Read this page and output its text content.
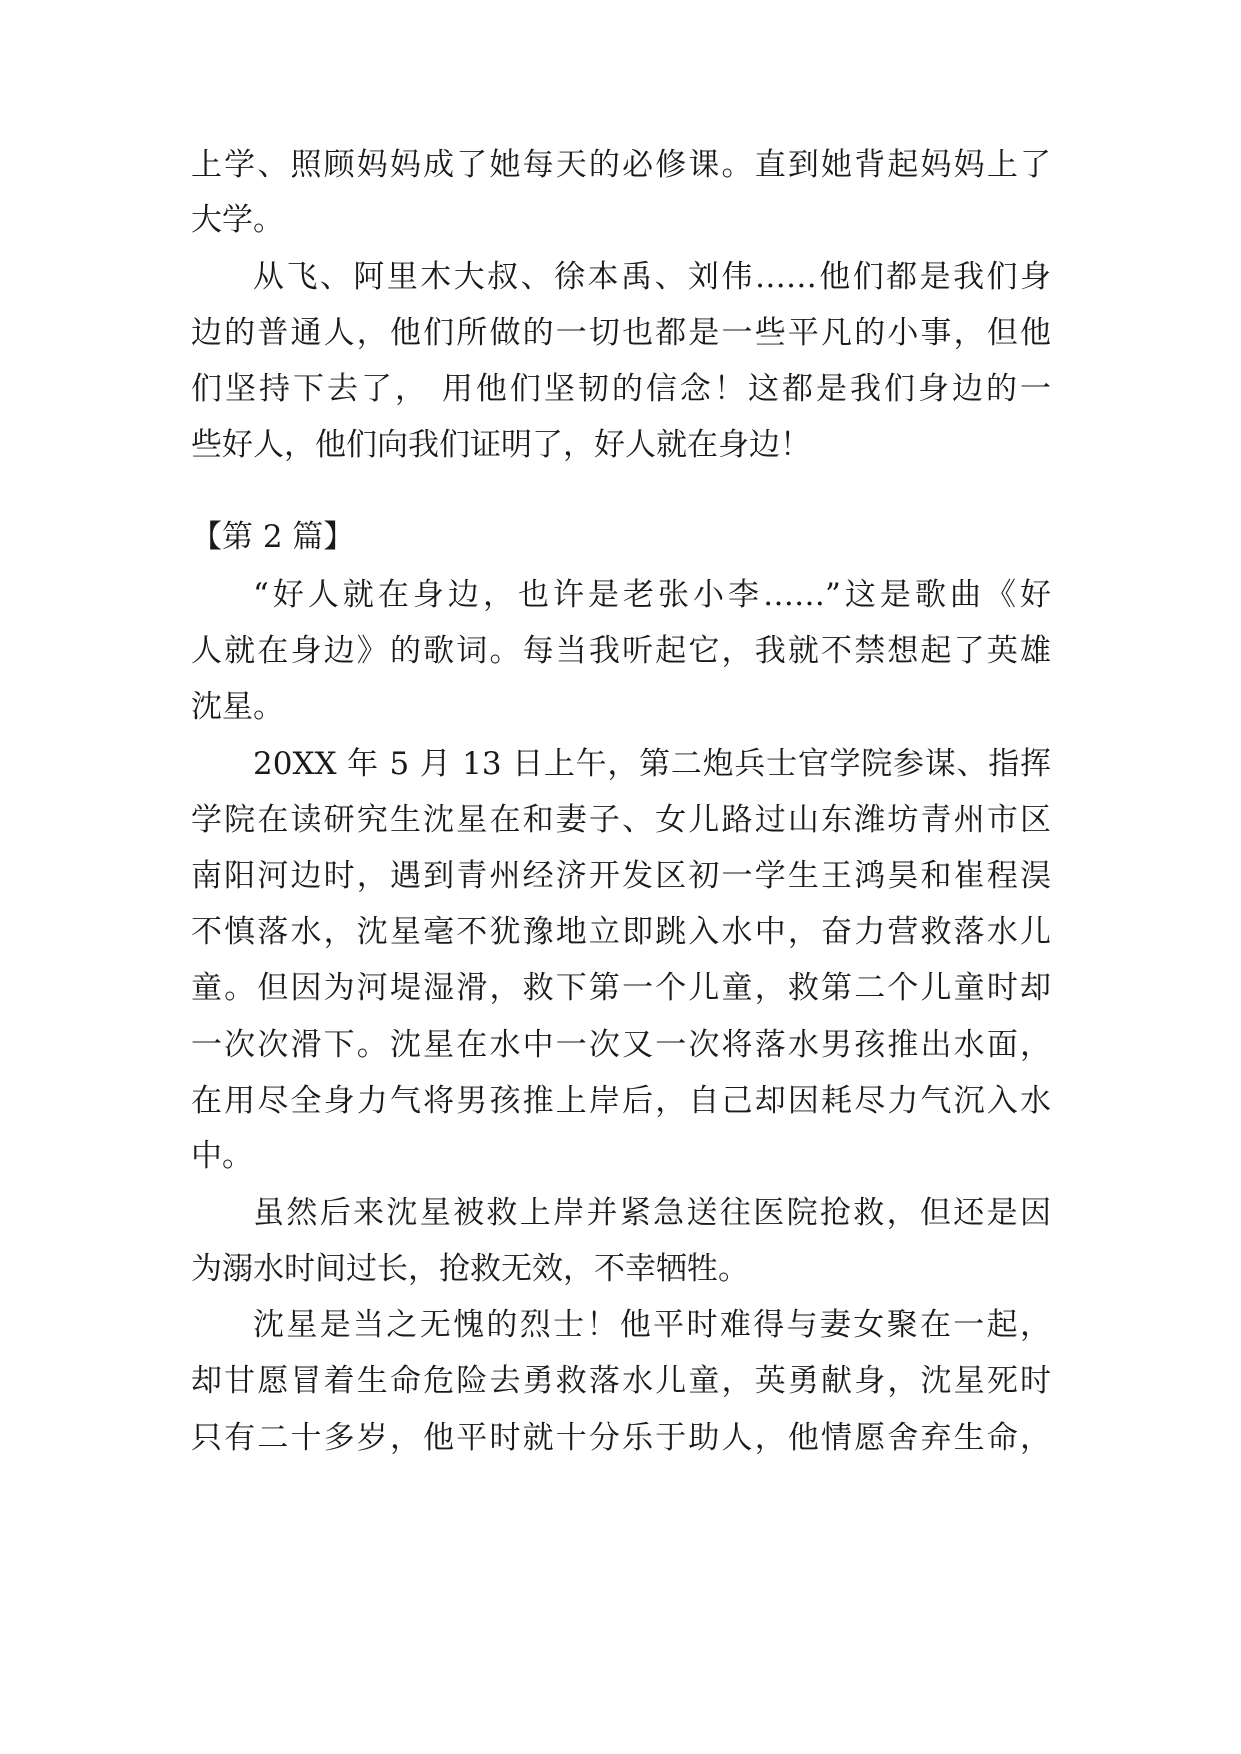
上学、照顾妈妈成了她每天的必修课。直到她背起妈妈上了
大学。
从飞、阿里木大叔、徐本禹、刘伟……他们都是我们身
边的普通人，他们所做的一切也都是一些平凡的小事，但他
们坚持下去了， 用他们坚韧的信念！这都是我们身边的一
些好人，他们向我们证明了，好人就在身边！
【第 2 篇】
“好人就在身边，也许是老张小李……”这是歌曲《好
人就在身边》的歌词。每当我听起它，我就不禁想起了英雄
沈星。
20XX 年 5 月 13 日上午，第二炮兵士官学院参谋、指挥
学院在读研究生沈星在和妻子、女儿路过山东潍坊青州市区
南阳河边时，遇到青州经济开发区初一学生王鸿昊和崔程淏
不慎落水，沈星毫不犹豫地立即跳入水中，奋力营救落水儿
童。但因为河堤湿滑，救下第一个儿童，救第二个儿童时却
一次次滑下。沈星在水中一次又一次将落水男孩推出水面，
在用尽全身力气将男孩推上岸后，自己却因耗尽力气沉入水
中。
虽然后来沈星被救上岸并紧急送往医院抢救，但还是因
为溺水时间过长，抢救无效，不幸牺牲。
沈星是当之无愧的烈士！他平时难得与妻女聚在一起，
却甘愿冒着生命危险去勇救落水儿童，英勇献身，沈星死时
只有二十多岁，他平时就十分乐于助人，他情愿舍弃生命，
